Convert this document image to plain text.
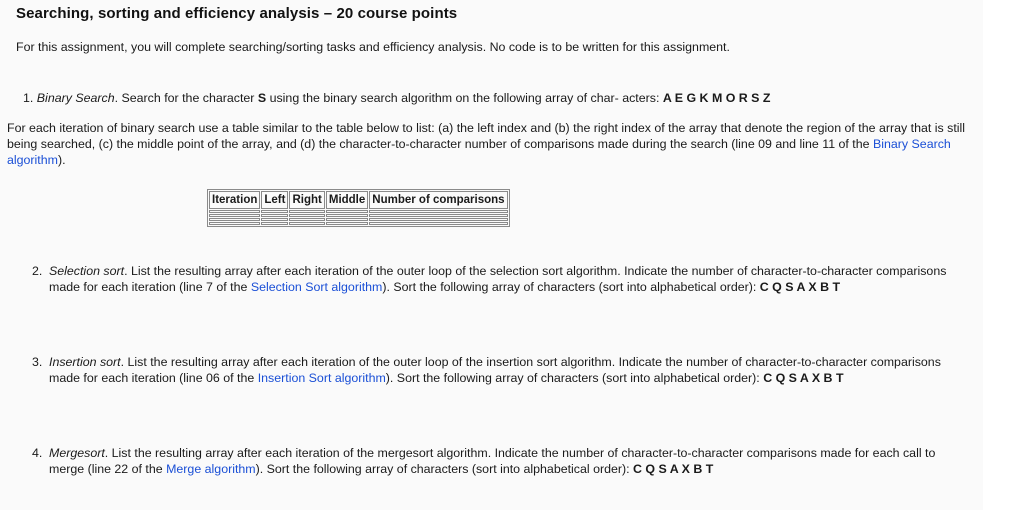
Searching, sorting and efficiency analysis – 20 course points
For this assignment, you will complete searching/sorting tasks and efficiency analysis. No code is to be written for this assignment.
1. Binary Search. Search for the character S using the binary search algorithm on the following array of char- acters: A E G K M O R S Z
For each iteration of binary search use a table similar to the table below to list: (a) the left index and (b) the right index of the array that denote the region of the array that is still being searched, (c) the middle point of the array, and (d) the character-to-character number of comparisons made during the search (line 09 and line 11 of the Binary Search algorithm).
Iteration	Left	Right	Middle	Number of comparisons

2. Selection sort. List the resulting array after each iteration of the outer loop of the selection sort algorithm. Indicate the number of character-to-character comparisons made for each iteration (line 7 of the Selection Sort algorithm). Sort the following array of characters (sort into alphabetical order): C Q S A X B T
3. Insertion sort. List the resulting array after each iteration of the outer loop of the insertion sort algorithm. Indicate the number of character-to-character comparisons made for each iteration (line 06 of the Insertion Sort algorithm). Sort the following array of characters (sort into alphabetical order): C Q S A X B T
4. Mergesort. List the resulting array after each iteration of the mergesort algorithm. Indicate the number of character-to-character comparisons made for each call to merge (line 22 of the Merge algorithm). Sort the following array of characters (sort into alphabetical order): C Q S A X B T
